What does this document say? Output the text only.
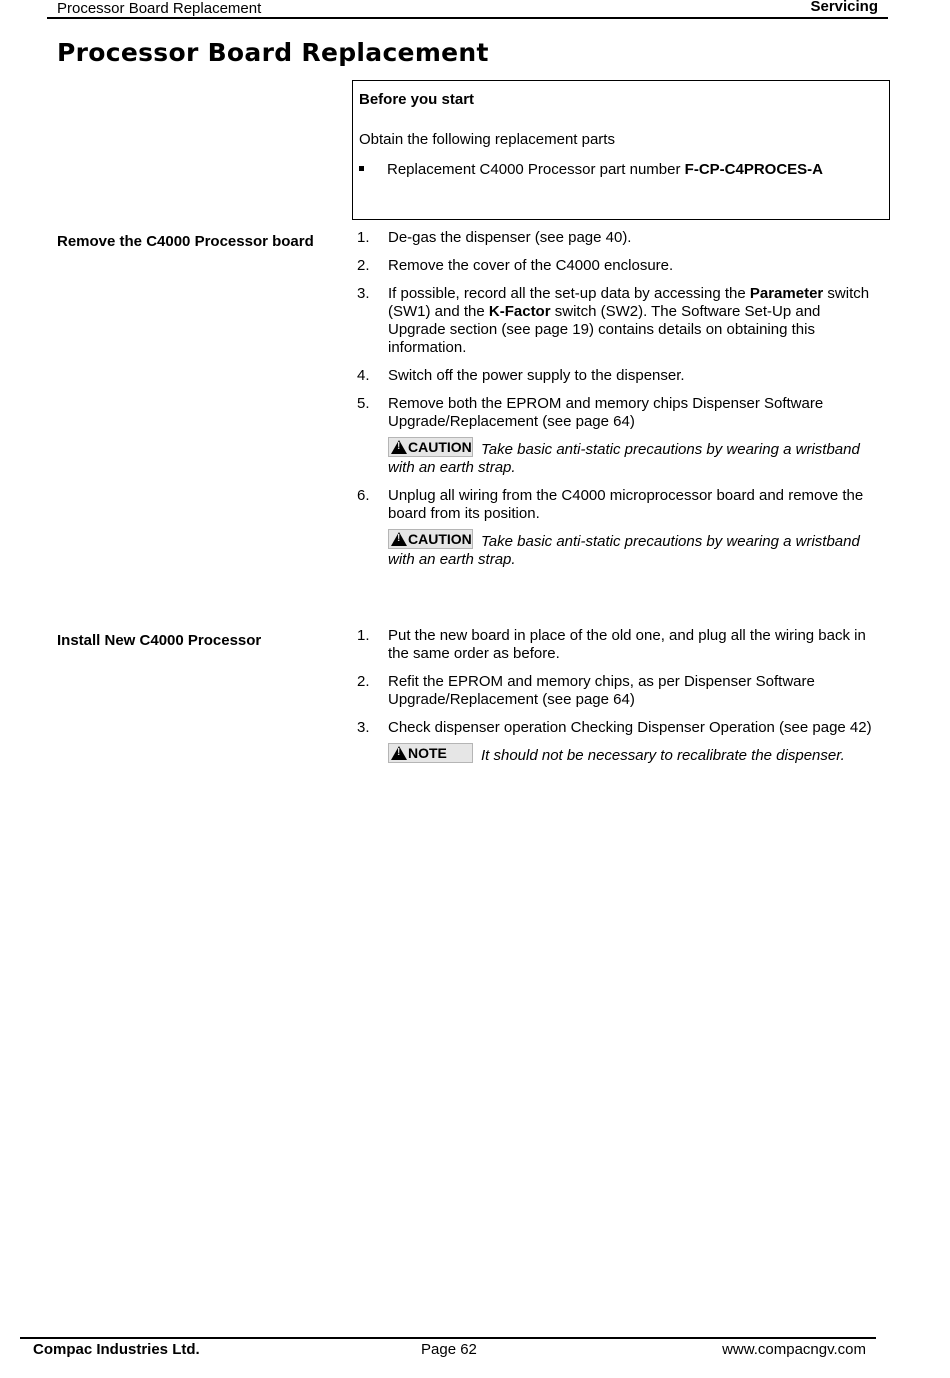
Processor Board Replacement	Servicing
Processor Board Replacement
Before you start
Obtain the following replacement parts
Replacement C4000 Processor part number F-CP-C4PROCES-A
Remove the C4000 Processor board	1. De-gas the dispenser (see page 40).
2. Remove the cover of the C4000 enclosure.
3. If possible, record all the set-up data by accessing the Parameter switch (SW1) and the K-Factor switch (SW2). The Software Set-Up and Upgrade section (see page 19) contains details on obtaining this information.
4. Switch off the power supply to the dispenser.
5. Remove both the EPROM and memory chips Dispenser Software Upgrade/Replacement (see page 64)
!CAUTION Take basic anti-static precautions by wearing a wristband with an earth strap.
6. Unplug all wiring from the C4000 microprocessor board and remove the board from its position.
!CAUTION Take basic anti-static precautions by wearing a wristband with an earth strap.
Install New C4000 Processor	1. Put the new board in place of the old one, and plug all the wiring back in the same order as before.
2. Refit the EPROM and memory chips, as per Dispenser Software Upgrade/Replacement (see page 64)
3. Check dispenser operation Checking Dispenser Operation (see page 42)
!NOTE It should not be necessary to recalibrate the dispenser.
Compac Industries Ltd.	Page 62	www.compacngv.com
